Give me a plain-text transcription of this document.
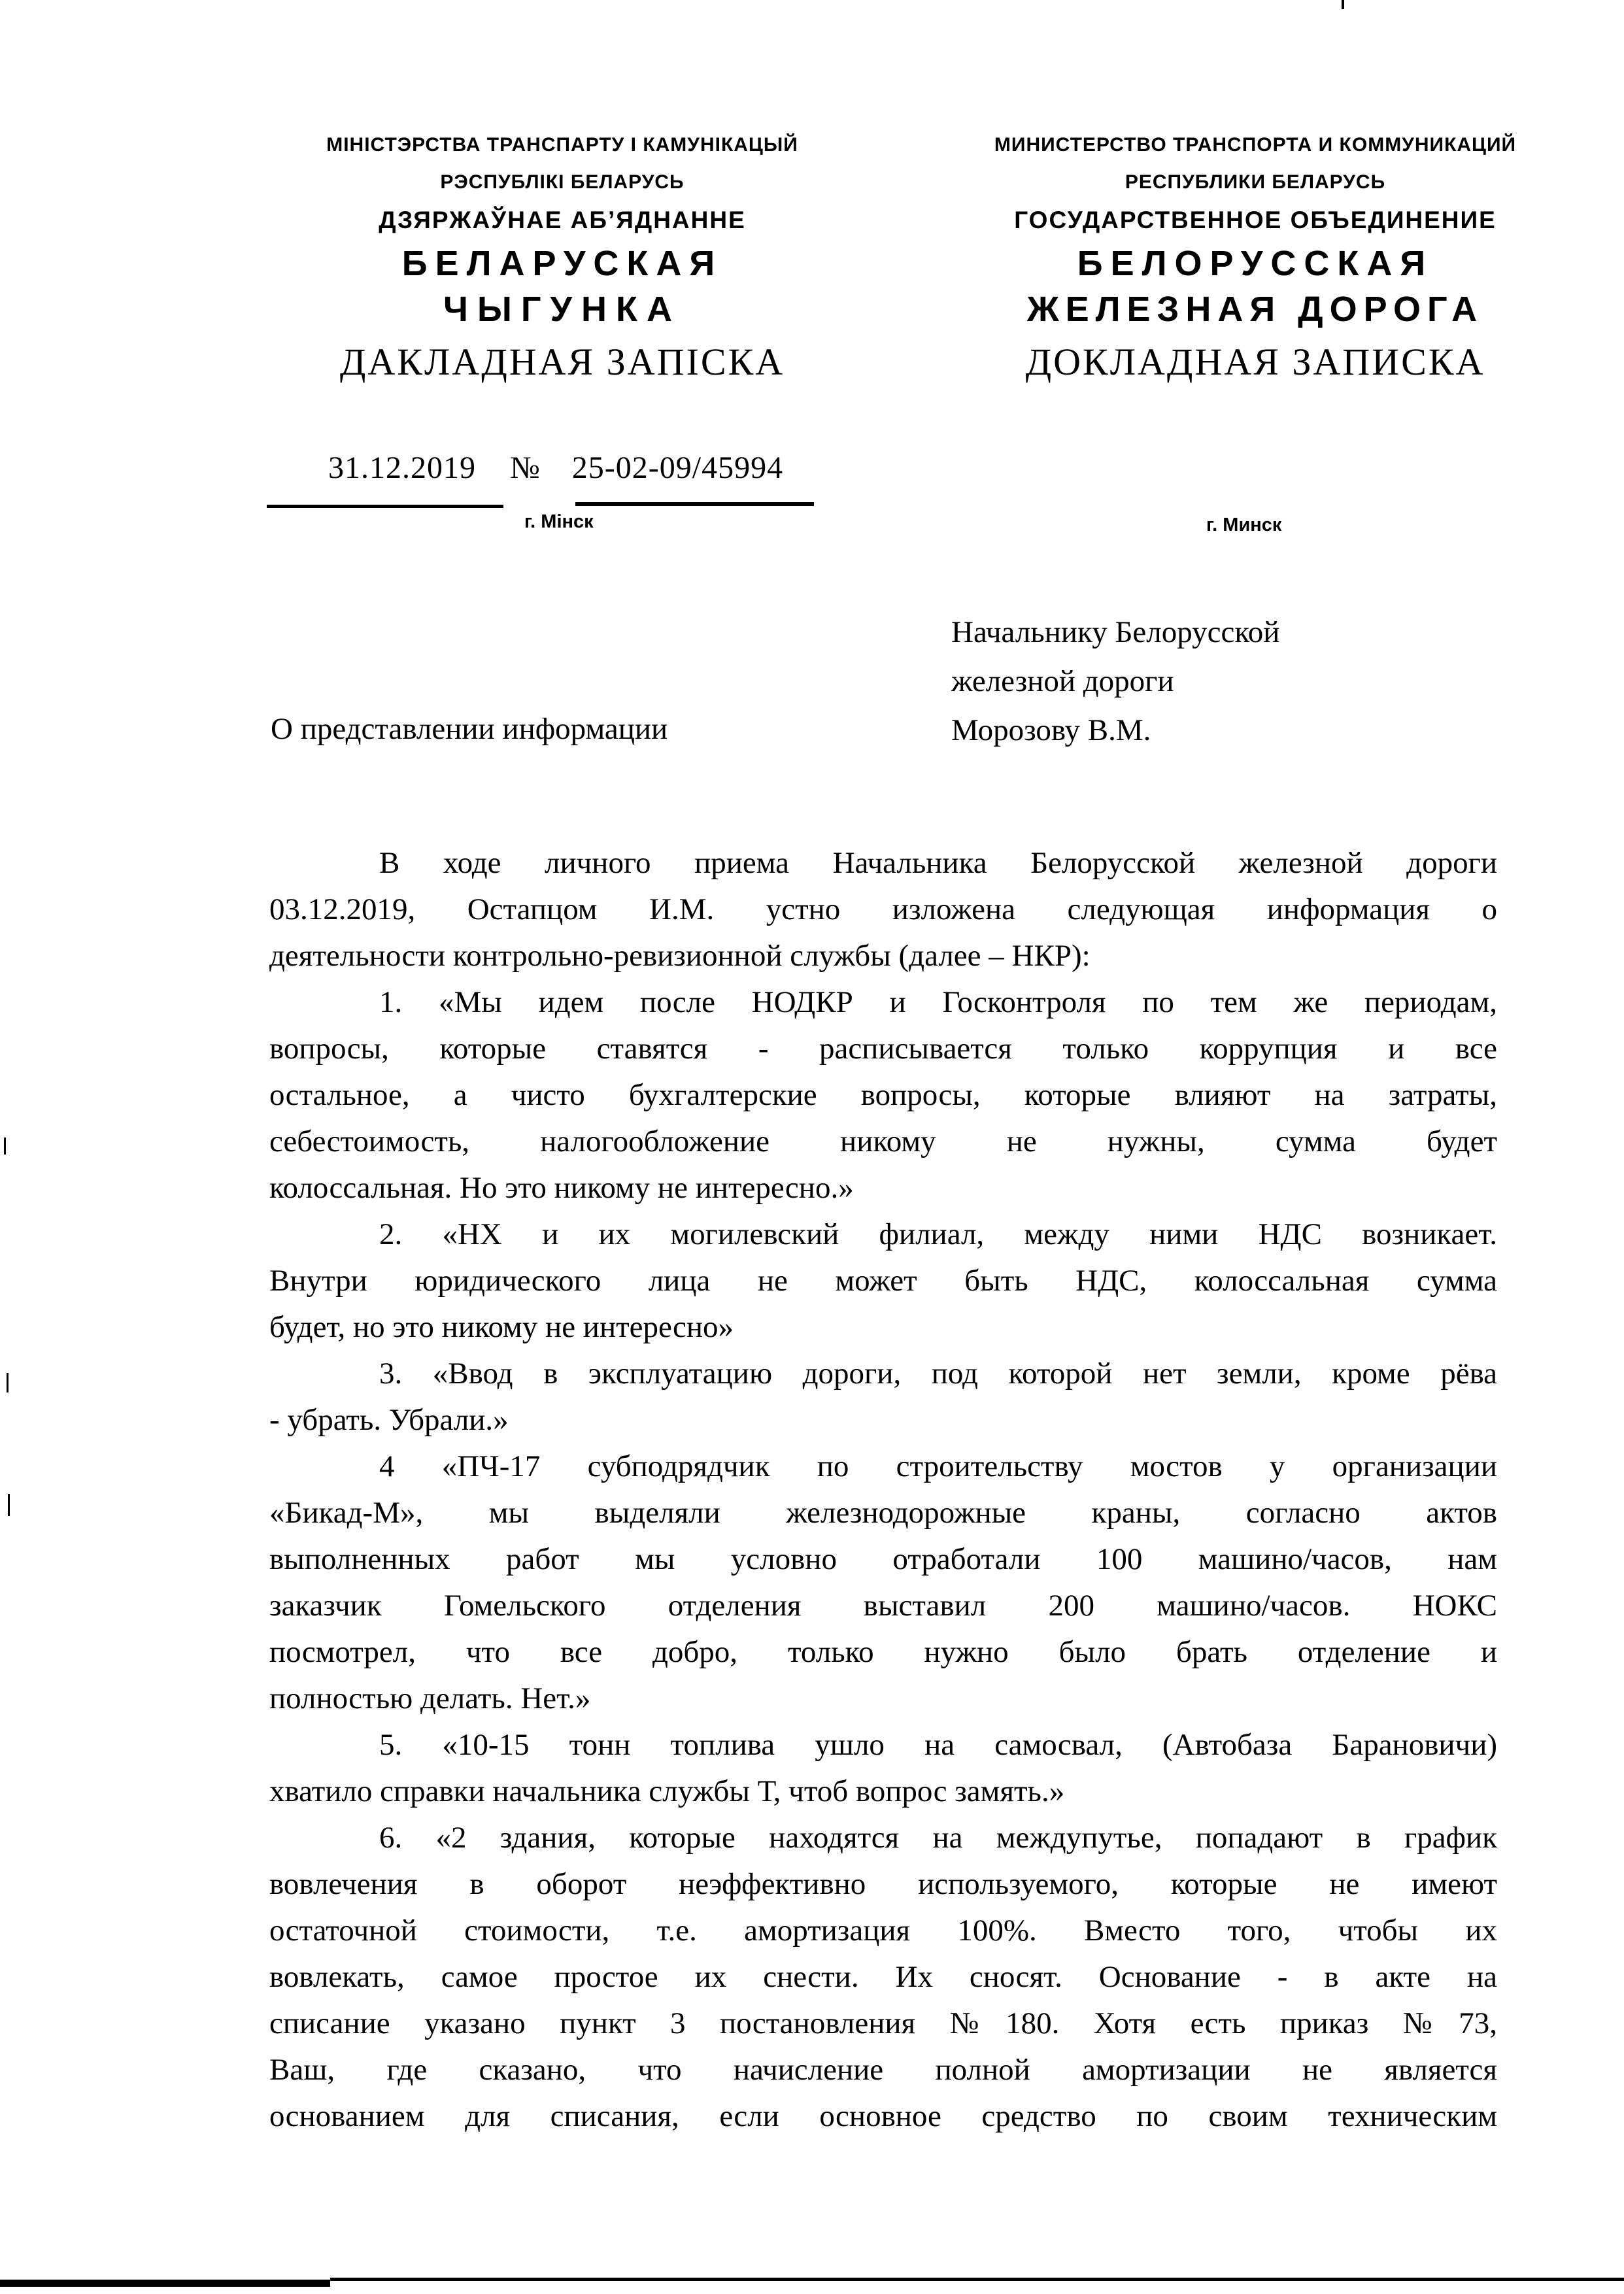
МІНІСТЭРСТВА ТРАНСПАРТУ І КАМУНІКАЦЫЙ
РЭСПУБЛІКІ БЕЛАРУСЬ
ДЗЯРЖАЎНАЕ АБ’ЯДНАННЕ
БЕЛАРУСКАЯ
ЧЫГУНКА
ДАКЛАДНАЯ ЗАПІСКА
МИНИСТЕРСТВО ТРАНСПОРТА И КОММУНИКАЦИЙ
РЕСПУБЛИКИ БЕЛАРУСЬ
ГОСУДАРСТВЕННОЕ ОБЪЕДИНЕНИЕ
БЕЛОРУССКАЯ
ЖЕЛЕЗНАЯ ДОРОГА
ДОКЛАДНАЯ ЗАПИСКА
31.12.2019 № 25-02-09/45994
г. Мінск	г. Минск
Начальнику Белорусской
железной дороги
Морозову В.М.
О представлении информации
В ходе личного приема Начальника Белорусской железной дороги
03.12.2019, Остапцом И.М. устно изложена следующая информация о
деятельности контрольно-ревизионной службы (далее – НКР):
1. «Мы идем после НОДКР и Госконтроля по тем же периодам,
вопросы, которые ставятся - расписывается только коррупция и все
остальное, а чисто бухгалтерские вопросы, которые влияют на затраты,
себестоимость, налогообложение никому не нужны, сумма будет
колоссальная. Но это никому не интересно.»
2. «НХ и их могилевский филиал, между ними НДС возникает.
Внутри юридического лица не может быть НДС, колоссальная сумма
будет, но это никому не интересно»
3. «Ввод в эксплуатацию дороги, под которой нет земли, кроме рёва
- убрать. Убрали.»
4 «ПЧ-17 субподрядчик по строительству мостов у организации
«Бикад-М», мы выделяли железнодорожные краны, согласно актов
выполненных работ мы условно отработали 100 машино/часов, нам
заказчик Гомельского отделения выставил 200 машино/часов. НОКС
посмотрел, что все добро, только нужно было брать отделение и
полностью делать. Нет.»
5. «10-15 тонн топлива ушло на самосвал, (Автобаза Барановичи)
хватило справки начальника службы Т, чтоб вопрос замять.»
6. «2 здания, которые находятся на междупутье, попадают в график
вовлечения в оборот неэффективно используемого, которые не имеют
остаточной стоимости, т.е. амортизация 100%. Вместо того, чтобы их
вовлекать, самое простое их снести. Их сносят. Основание - в акте на
списание указано пункт 3 постановления №180. Хотя есть приказ №73,
Ваш, где сказано, что начисление полной амортизации не является
основанием для списания, если основное средство по своим техническим
